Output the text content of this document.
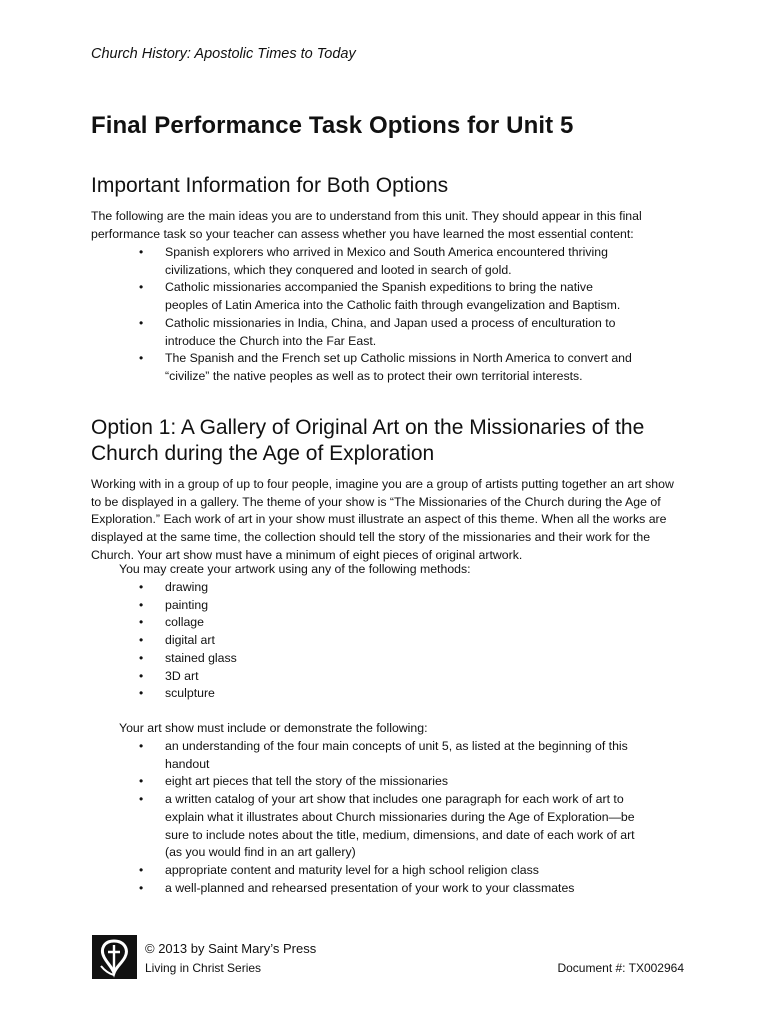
Church History: Apostolic Times to Today
Final Performance Task Options for Unit 5
Important Information for Both Options

The following are the main ideas you are to understand from this unit. They should appear in this final performance task so your teacher can assess whether you have learned the most essential content:

• Spanish explorers who arrived in Mexico and South America encountered thriving civilizations, which they conquered and looted in search of gold.
• Catholic missionaries accompanied the Spanish expeditions to bring the native peoples of Latin America into the Catholic faith through evangelization and Baptism.
• Catholic missionaries in India, China, and Japan used a process of enculturation to introduce the Church into the Far East.
• The Spanish and the French set up Catholic missions in North America to convert and “civilize” the native peoples as well as to protect their own territorial interests.
Option 1: A Gallery of Original Art on the Missionaries of the Church during the Age of Exploration

Working with in a group of up to four people, imagine you are a group of artists putting together an art show to be displayed in a gallery. The theme of your show is “The Missionaries of the Church during the Age of Exploration.” Each work of art in your show must illustrate an aspect of this theme. When all the works are displayed at the same time, the collection should tell the story of the missionaries and their work for the Church. Your art show must have a minimum of eight pieces of original artwork.

You may create your artwork using any of the following methods:
• drawing
• painting
• collage
• digital art
• stained glass
• 3D art
• sculpture
Your art show must include or demonstrate the following:
• an understanding of the four main concepts of unit 5, as listed at the beginning of this handout
• eight art pieces that tell the story of the missionaries
• a written catalog of your art show that includes one paragraph for each work of art to explain what it illustrates about Church missionaries during the Age of Exploration—be sure to include notes about the title, medium, dimensions, and date of each work of art (as you would find in an art gallery)
• appropriate content and maturity level for a high school religion class
• a well-planned and rehearsed presentation of your work to your classmates
© 2013 by Saint Mary’s Press
Living in Christ Series	Document #: TX002964
